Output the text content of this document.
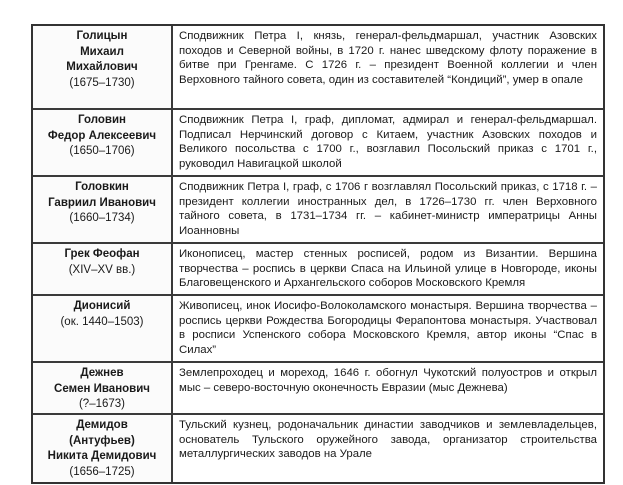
Голицын
Михаил
Михайлович
(1675–1730)
Сподвижник Петра I, князь, генерал-фельдмаршал, участник Азовских походов и Северной войны, в 1720 г. нанес шведскому флоту поражение в битве при Гренгаме. С 1726 г. – президент Военной коллегии и член Верховного тайного совета, один из составителей “Кондиций”, умер в опале
Головин
Федор Алексеевич
(1650–1706)
Сподвижник Петра I, граф, дипломат, адмирал и генерал-фельдмаршал. Подписал Нерчинский договор с Китаем, участник Азовских походов и Великого посольства с 1700 г., возглавил Посольский приказ с 1701 г., руководил Навигацкой школой
Головкин
Гавриил Иванович
(1660–1734)
Сподвижник Петра I, граф, с 1706 г возглавлял Посольский приказ, с 1718 г. – президент коллегии иностранных дел, в 1726–1730 гг. член Верховного тайного совета, в 1731–1734 гг. – кабинет-министр императрицы Анны Иоанновны
Грек Феофан
(XIV–XV вв.)
Иконописец, мастер стенных росписей, родом из Византии. Вершина творчества – роспись в церкви Спаса на Ильиной улице в Новгороде, иконы Благовещенского и Архангельского соборов Московского Кремля
Дионисий
(ок. 1440–1503)
Живописец, инок Иосифо-Волоколамского монастыря. Вершина творчества – роспись церкви Рождества Богородицы Ферапонтова монастыря. Участвовал в росписи Успенского собора Московского Кремля, автор иконы “Спас в Силах”
Дежнев
Семен Иванович
(?–1673)
Землепроходец и мореход, 1646 г. обогнул Чукотский полуостров и открыл мыс – северо-восточную оконечность Евразии (мыс Дежнева)
Демидов
(Антуфьев)
Никита Демидович
(1656–1725)
Тульский кузнец, родоначальник династии заводчиков и землевладельцев, основатель Тульского оружейного завода, организатор строительства металлургических заводов на Урале
